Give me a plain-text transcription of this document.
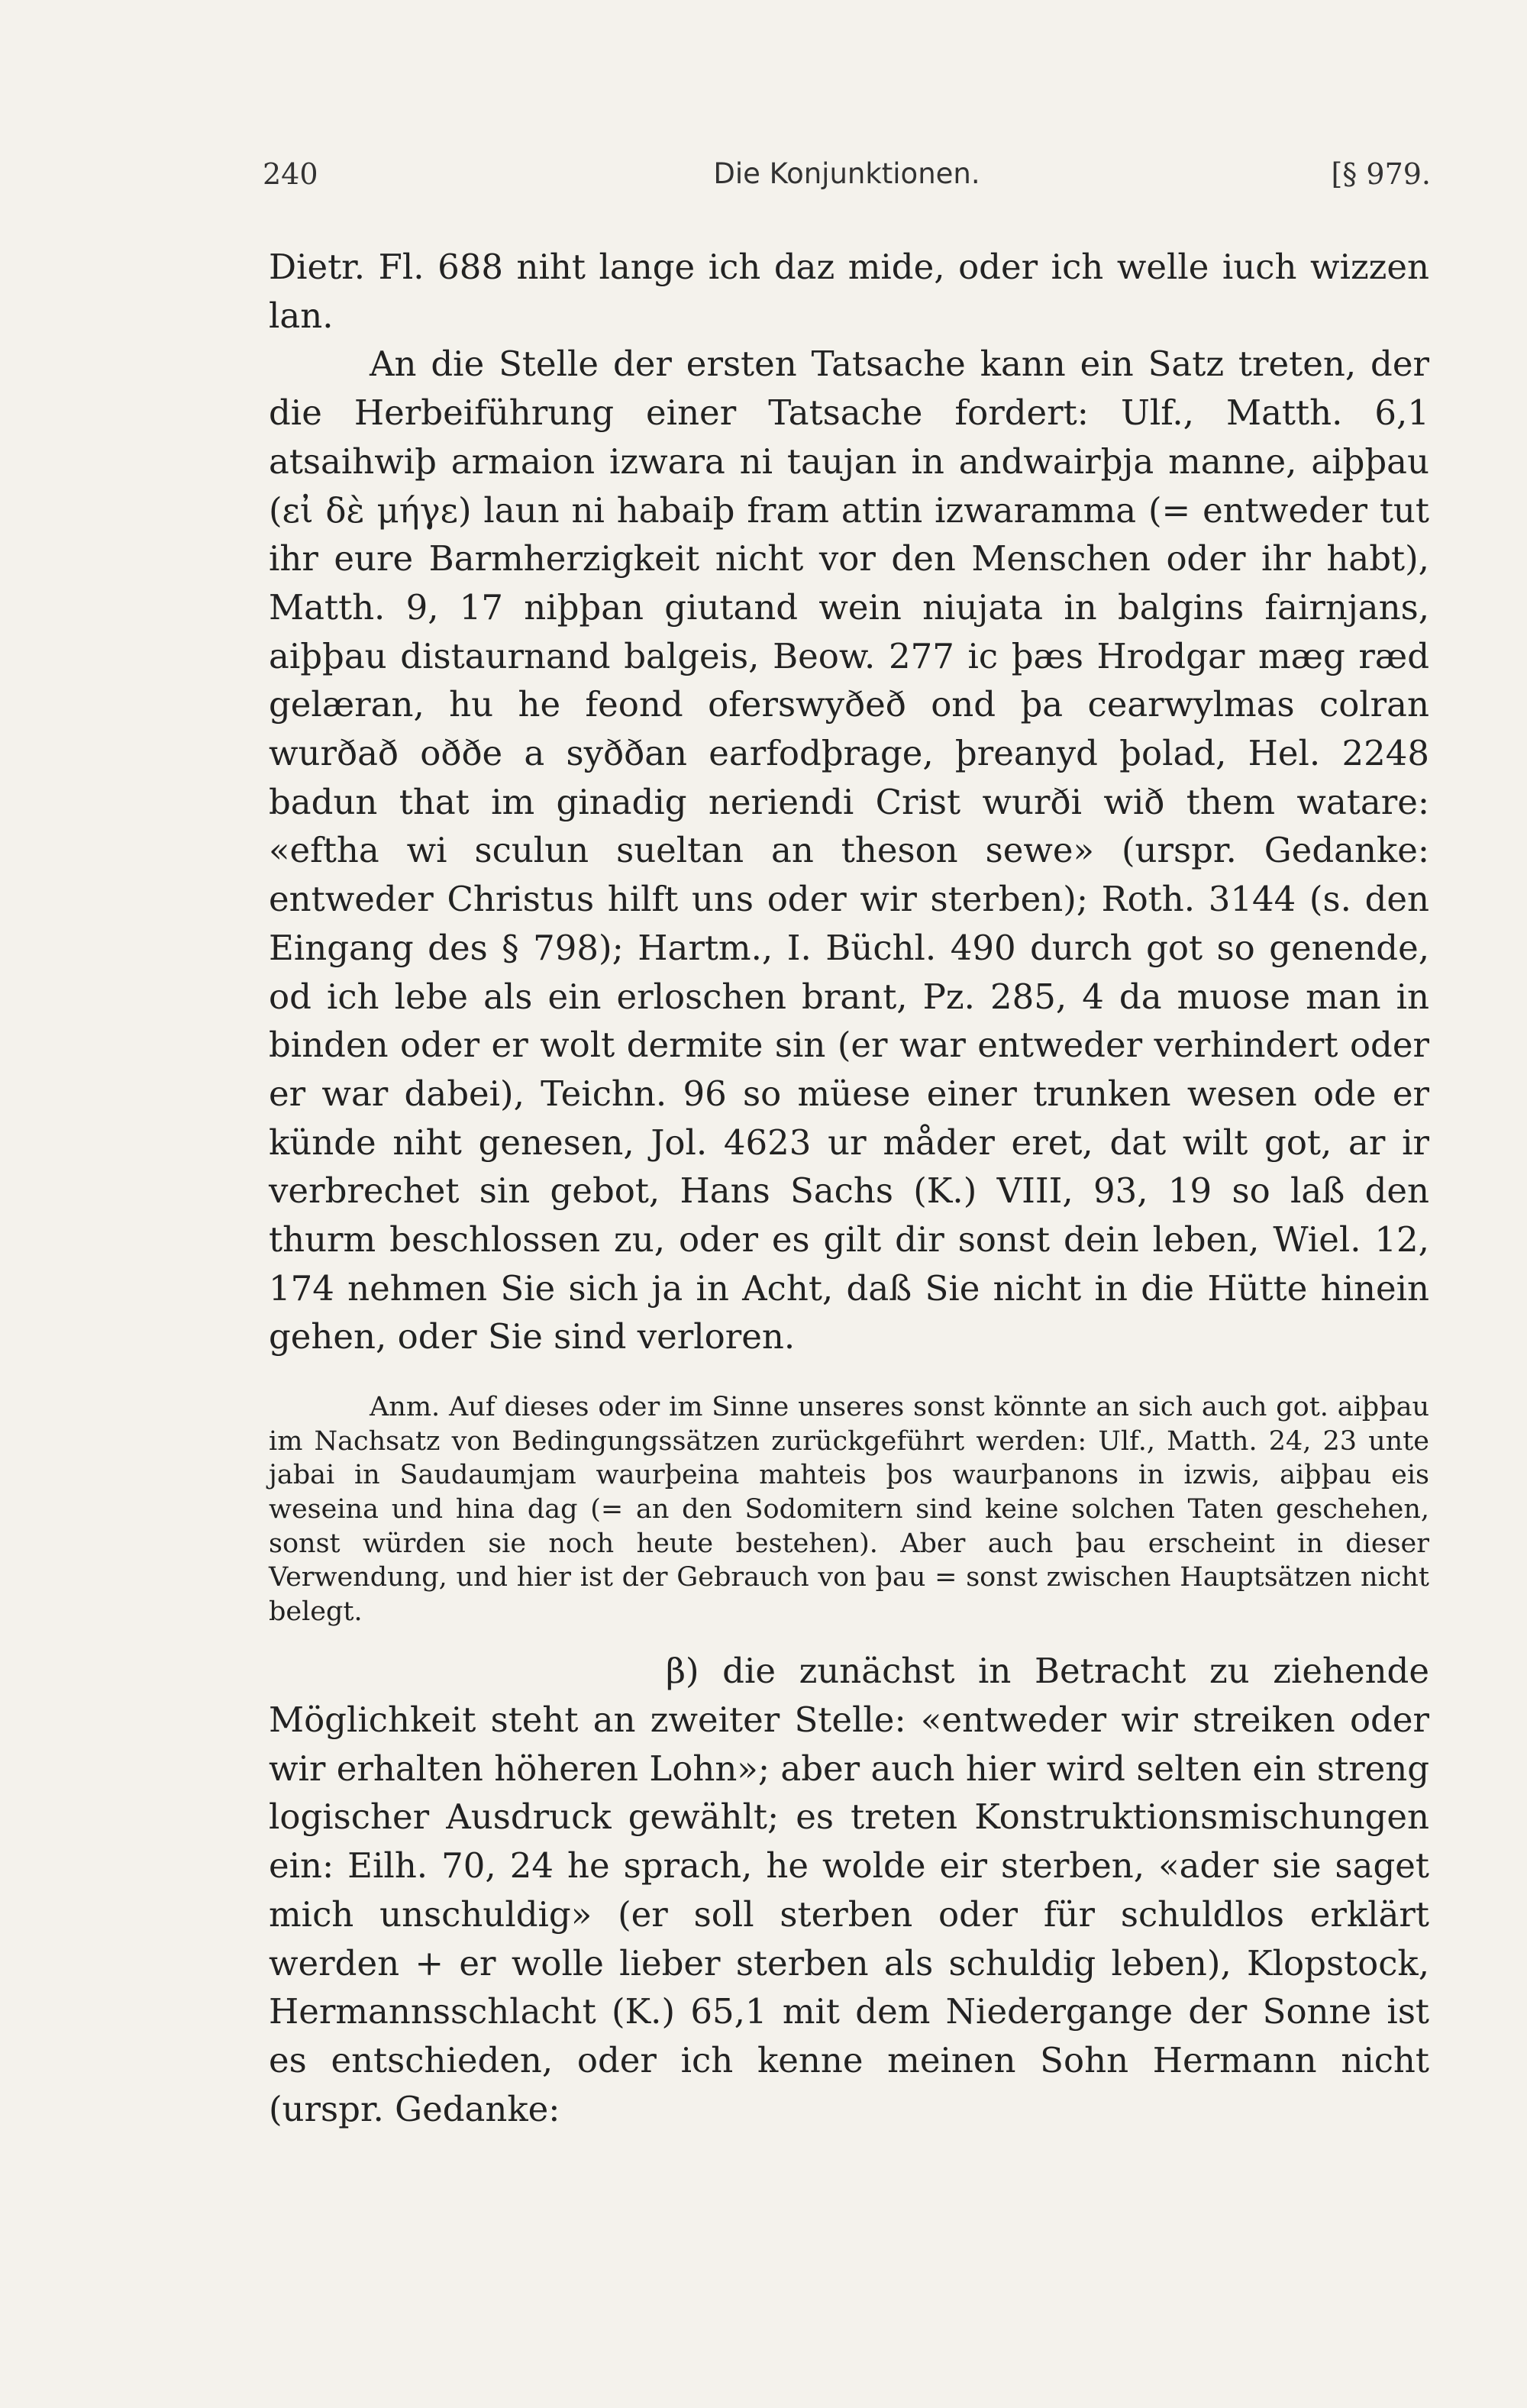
240	Die Konjunktionen.	[§ 979.

Dietr. Fl. 688 niht lange ich daz mide, oder ich welle iuch wizzen lan.

An die Stelle der ersten Tatsache kann ein Satz treten, der die Herbeiführung einer Tatsache fordert: Ulf., Matth. 6,1 atsaihwiþ armaion izwara ni taujan in andwairþja manne, aiþþau (εἰ δὲ μήγε) laun ni habaiþ fram attin izwaramma (= entweder tut ihr eure Barmherzigkeit nicht vor den Menschen oder ihr habt), Matth. 9, 17 niþþan giutand wein niujata in balgins fairnjans, aiþþau distaurnand balgeis, Beow. 277 ic þæs Hrodgar mæg ræd gelæran, hu he feond oferswyðeð ond þa cearwylmas colran wurðað oððe a syððan earfodþrage, þreanyd þolad, Hel. 2248 badun that im ginadig neriendi Crist wurði wið them watare: «eftha wi sculun sueltan an theson sewe» (urspr. Gedanke: entweder Christus hilft uns oder wir sterben); Roth. 3144 (s. den Eingang des § 798); Hartm., I. Büchl. 490 durch got so genende, od ich lebe als ein erloschen brant, Pz. 285, 4 da muose man in binden oder er wolt dermite sin (er war entweder verhindert oder er war dabei), Teichn. 96 so müese einer trunken wesen ode er künde niht genesen, Jol. 4623 ur måder eret, dat wilt got, ar ir verbrechet sin gebot, Hans Sachs (K.) VIII, 93, 19 so laß den thurm beschlossen zu, oder es gilt dir sonst dein leben, Wiel. 12, 174 nehmen Sie sich ja in Acht, daß Sie nicht in die Hütte hinein gehen, oder Sie sind verloren.

Anm. Auf dieses oder im Sinne unseres sonst könnte an sich auch got. aiþþau im Nachsatz von Bedingungssätzen zurückgeführt werden: Ulf., Matth. 24, 23 unte jabai in Saudaumjam waurþeina mahteis þos waurþanons in izwis, aiþþau eis weseina und hina dag (= an den Sodomitern sind keine solchen Taten geschehen, sonst würden sie noch heute bestehen). Aber auch þau erscheint in dieser Verwendung, und hier ist der Gebrauch von þau = sonst zwischen Hauptsätzen nicht belegt.

β) die zunächst in Betracht zu ziehende Möglichkeit steht an zweiter Stelle: «entweder wir streiken oder wir erhalten höheren Lohn»; aber auch hier wird selten ein streng logischer Ausdruck gewählt; es treten Konstruktionsmischungen ein: Eilh. 70, 24 he sprach, he wolde eir sterben, «ader sie saget mich unschuldig» (er soll sterben oder für schuldlos erklärt werden + er wolle lieber sterben als schuldig leben), Klopstock, Hermannsschlacht (K.) 65,1 mit dem Niedergange der Sonne ist es entschieden, oder ich kenne meinen Sohn Hermann nicht (urspr. Gedanke:
